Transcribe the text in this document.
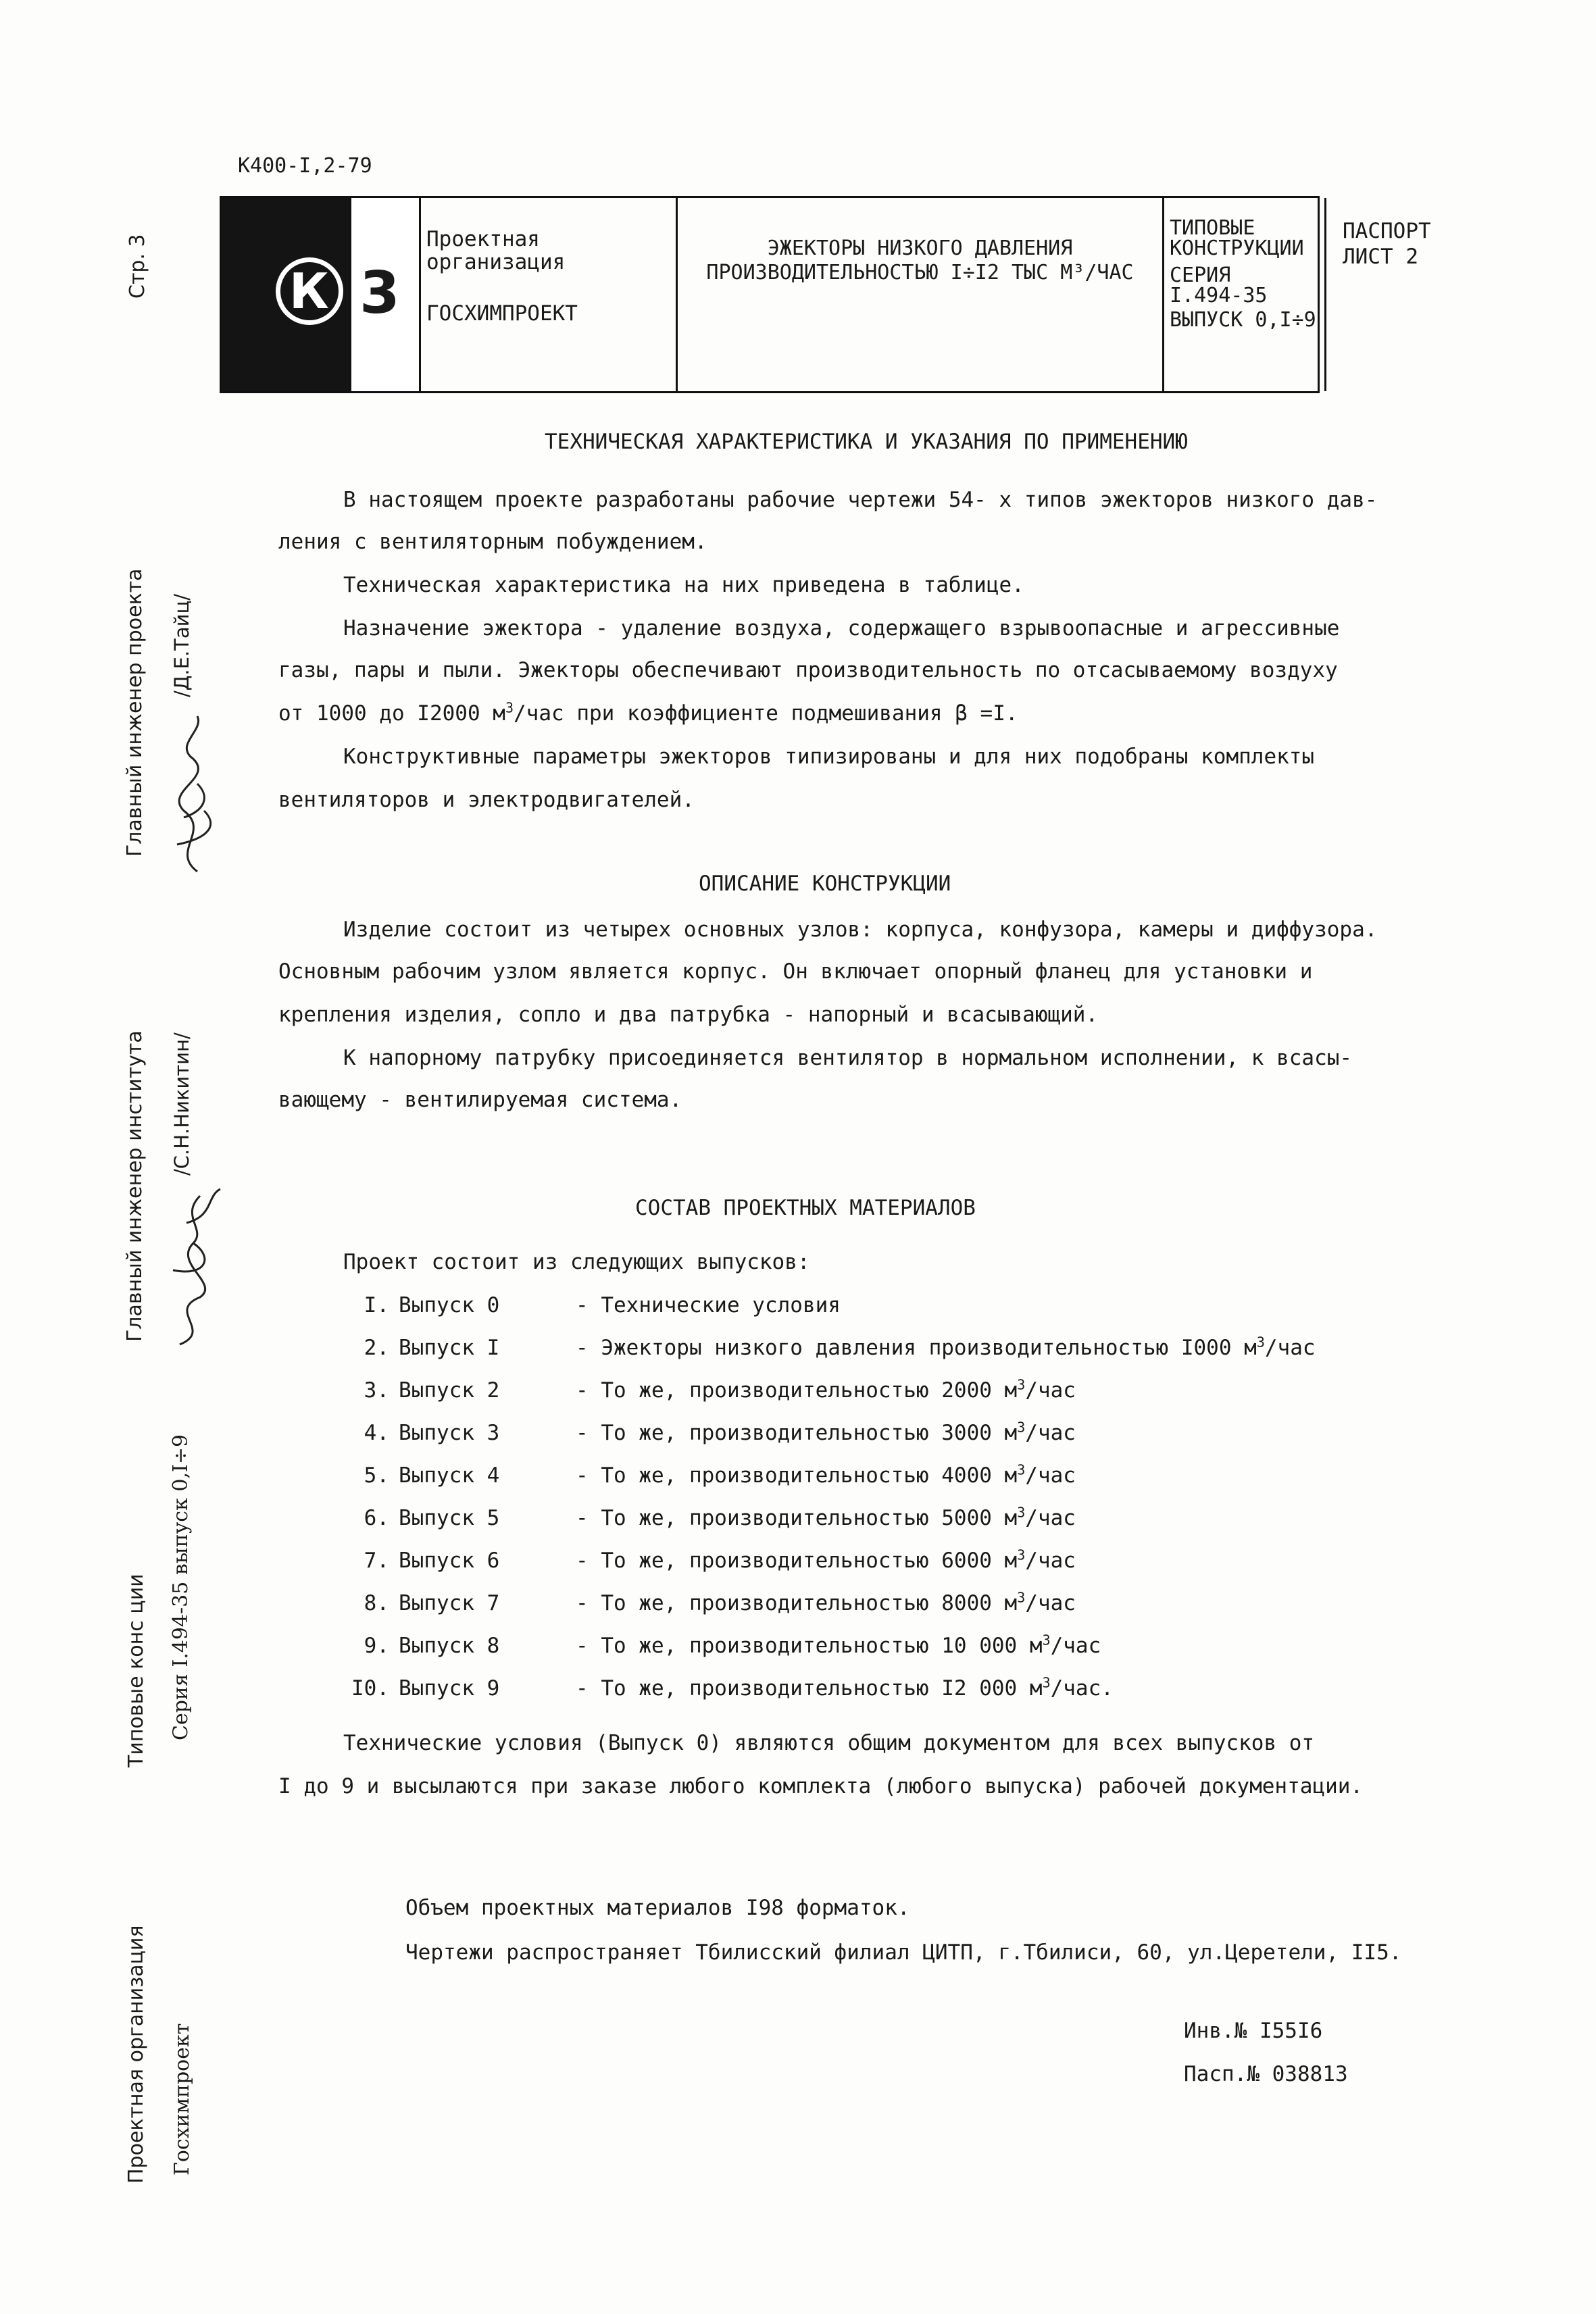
К400-I,2-79
К 3
Проектная организация
ГОСХИМПРОЕКТ
ЭЖЕКТОРЫ НИЗКОГО ДАВЛЕНИЯ
ПРОИЗВОДИТЕЛЬНОСТЬЮ I÷I2 ТЫС М³/ЧАС
ТИПОВЫЕ
КОНСТРУКЦИИ
СЕРИЯ
I.494-35
ВЫПУСК 0,I÷9
ПАСПОРТ
ЛИСТ 2
Стр. 3
Главный инженер проекта /Д.Е.Тайц/
Главный инженер института /С.Н.Никитин/
Типовые конс ции Серия I.494-35 выпуск 0,I÷9
Проектная организация Госхимпроект
ТЕХНИЧЕСКАЯ ХАРАКТЕРИСТИКА И УКАЗАНИЯ ПО ПРИМЕНЕНИЮ
В настоящем проекте разработаны рабочие чертежи 54- х типов эжекторов низкого дав-
ления с вентиляторным побуждением.
Техническая характеристика на них приведена в таблице.
Назначение эжектора - удаление воздуха, содержащего взрывоопасные и агрессивные
газы, пары и пыли. Эжекторы обеспечивают производительность по отсасываемому воздуху
от 1000 до I2000 $м^3$/час при коэффициенте подмешивания β =I.
Конструктивные параметры эжекторов типизированы и для них подобраны комплекты
вентиляторов и электродвигателей.
ОПИСАНИЕ КОНСТРУКЦИИ
Изделие состоит из четырех основных узлов: корпуса, конфузора, камеры и диффузора.
Основным рабочим узлом является корпус. Он включает опорный фланец для установки и
крепления изделия, сопло и два патрубка - напорный и всасывающий.
К напорному патрубку присоединяется вентилятор в нормальном исполнении, к всасы-
вающему - вентилируемая система.
СОСТАВ ПРОЕКТНЫХ МАТЕРИАЛОВ
Проект состоит из следующих выпусков:
I. Выпуск 0	- Технические условия
2. Выпуск I	- Эжекторы низкого давления производительностью I000 $м^3$/час
3. Выпуск 2	- То же, производительностью 2000 $м^3$/час
4. Выпуск 3	- То же, производительностью 3000 $м^3$/час
5. Выпуск 4	- То же, производительностью 4000 $м^3$/час
6. Выпуск 5	- То же, производительностью 5000 $м^3$/час
7. Выпуск 6	- То же, производительностью 6000 $м^3$/час
8. Выпуск 7	- То же, производительностью 8000 $м^3$/час
9. Выпуск 8	- То же, производительностью 10 000 $м^3$/час
I0. Выпуск 9	- То же, производительностью I2 000 $м^3$/час.
Технические условия (Выпуск 0) являются общим документом для всех выпусков от
I до 9 и высылаются при заказе любого комплекта (любого выпуска) рабочей документации.
Объем проектных материалов I98 форматок.
Чертежи распространяет Тбилисский филиал ЦИТП, г.Тбилиси, 60, ул.Церетели, II5.
Инв.№ I55I6
Пасп.№ 038813
